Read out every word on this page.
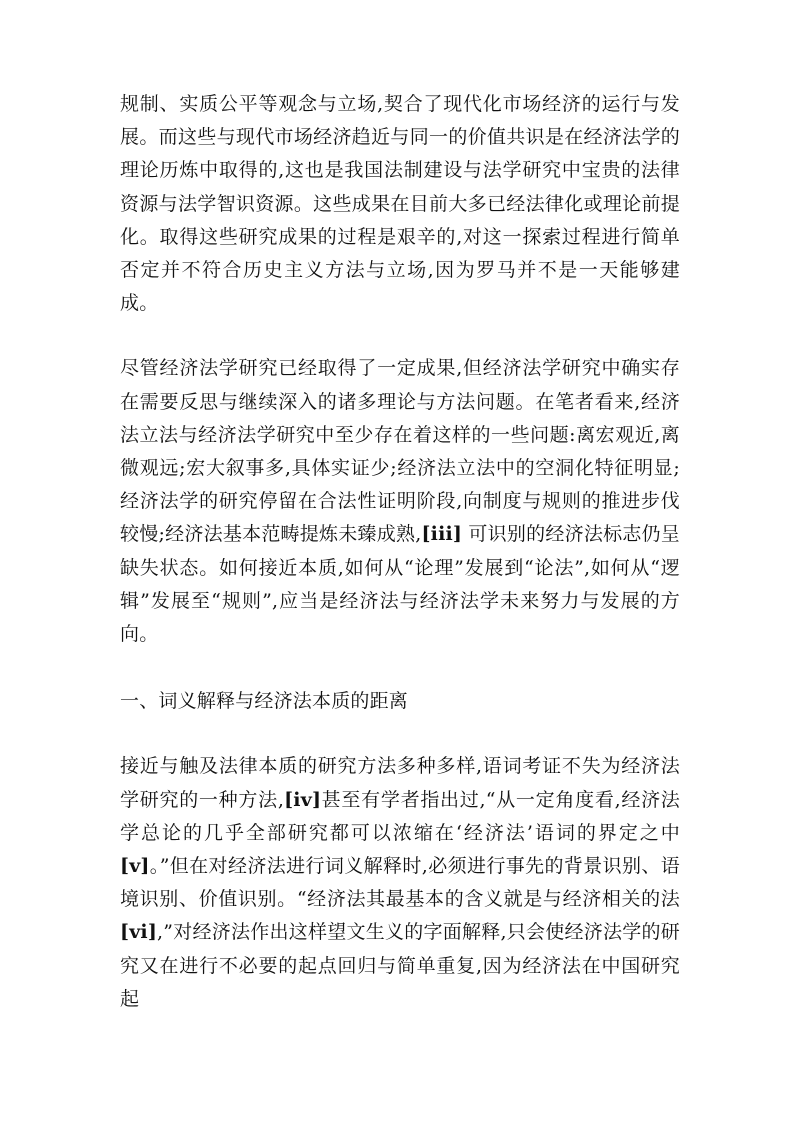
规制、实质公平等观念与立场,契合了现代化市场经济的运行与发展。而这些与现代市场经济趋近与同一的价值共识是在经济法学的理论历炼中取得的,这也是我国法制建设与法学研究中宝贵的法律资源与法学智识资源。这些成果在目前大多已经法律化或理论前提化。取得这些研究成果的过程是艰辛的,对这一探索过程进行简单否定并不符合历史主义方法与立场,因为罗马并不是一天能够建成。

尽管经济法学研究已经取得了一定成果,但经济法学研究中确实存在需要反思与继续深入的诸多理论与方法问题。在笔者看来,经济法立法与经济法学研究中至少存在着这样的一些问题:离宏观近,离微观远;宏大叙事多,具体实证少;经济法立法中的空洞化特征明显;经济法学的研究停留在合法性证明阶段,向制度与规则的推进步伐较慢;经济法基本范畴提炼未臻成熟,[iii] 可识别的经济法标志仍呈缺失状态。如何接近本质,如何从“论理”发展到“论法”,如何从“逻辑”发展至“规则”,应当是经济法与经济法学未来努力与发展的方向。

一、词义解释与经济法本质的距离

接近与触及法律本质的研究方法多种多样,语词考证不失为经济法学研究的一种方法,[iv]甚至有学者指出过,“从一定角度看,经济法学总论的几乎全部研究都可以浓缩在‘经济法’语词的界定之中[v]。”但在对经济法进行词义解释时,必须进行事先的背景识别、语境识别、价值识别。“经济法其最基本的含义就是与经济相关的法[vi],”对经济法作出这样望文生义的字面解释,只会使经济法学的研究又在进行不必要的起点回归与简单重复,因为经济法在中国研究起
